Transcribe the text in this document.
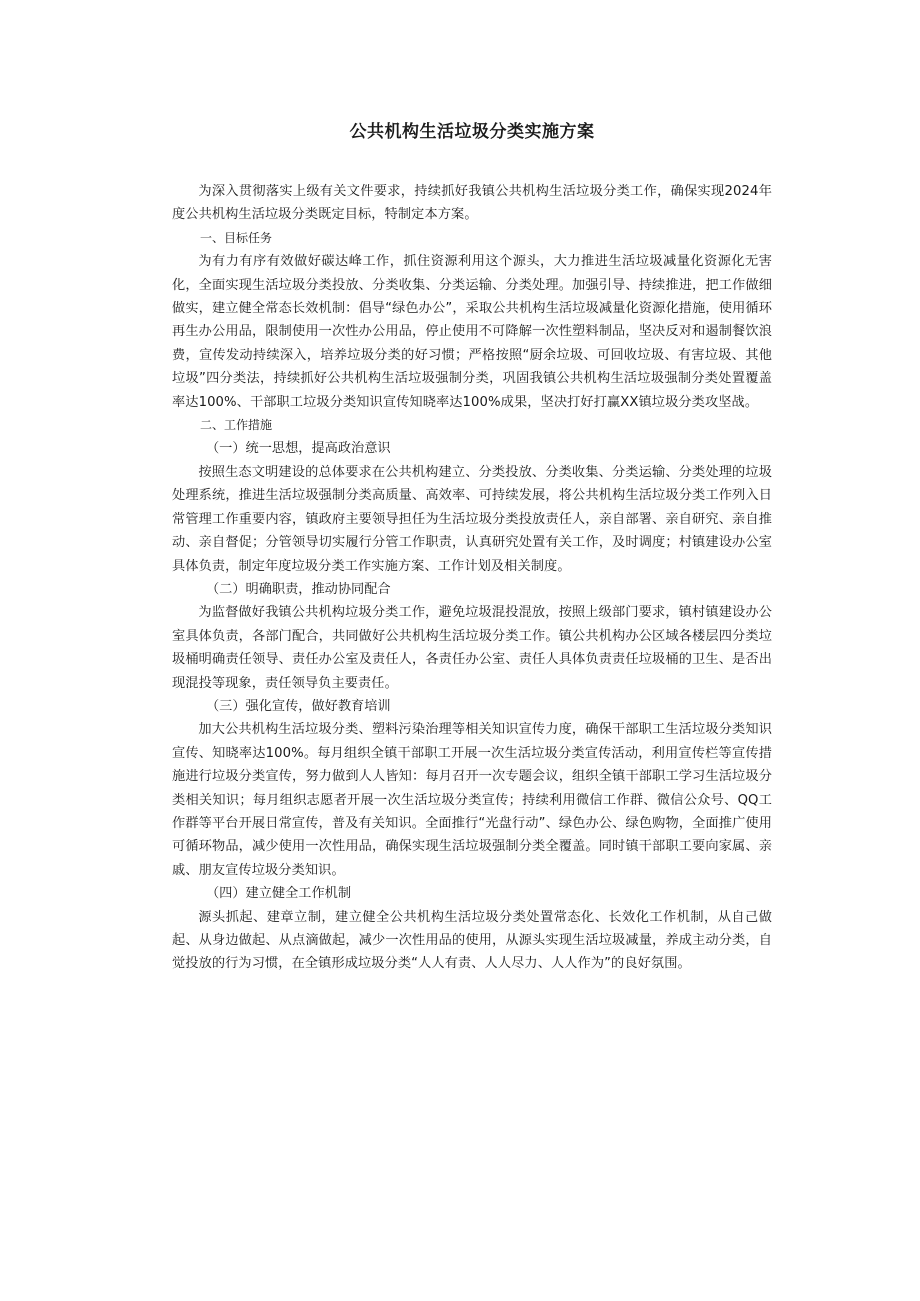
公共机构生活垃圾分类实施方案

为深入贯彻落实上级有关文件要求，持续抓好我镇公共机构生活垃圾分类工作，确保实现2024年度公共机构生活垃圾分类既定目标，特制定本方案。

一、目标任务

为有力有序有效做好碳达峰工作，抓住资源利用这个源头，大力推进生活垃圾减量化资源化无害化，全面实现生活垃圾分类投放、分类收集、分类运输、分类处理。加强引导、持续推进，把工作做细做实，建立健全常态长效机制：倡导“绿色办公”，采取公共机构生活垃圾减量化资源化措施，使用循环再生办公用品，限制使用一次性办公用品，停止使用不可降解一次性塑料制品，坚决反对和遏制餐饮浪费，宣传发动持续深入，培养垃圾分类的好习惯；严格按照“厨余垃圾、可回收垃圾、有害垃圾、其他垃圾”四分类法，持续抓好公共机构生活垃圾强制分类，巩固我镇公共机构生活垃圾强制分类处置覆盖率达100%、干部职工垃圾分类知识宣传知晓率达100%成果，坚决打好打赢XX镇垃圾分类攻坚战。

二、工作措施

（一）统一思想，提高政治意识

按照生态文明建设的总体要求在公共机构建立、分类投放、分类收集、分类运输、分类处理的垃圾处理系统，推进生活垃圾强制分类高质量、高效率、可持续发展，将公共机构生活垃圾分类工作列入日常管理工作重要内容，镇政府主要领导担任为生活垃圾分类投放责任人，亲自部署、亲自研究、亲自推动、亲自督促；分管领导切实履行分管工作职责，认真研究处置有关工作，及时调度；村镇建设办公室具体负责，制定年度垃圾分类工作实施方案、工作计划及相关制度。

（二）明确职责，推动协同配合

为监督做好我镇公共机构垃圾分类工作，避免垃圾混投混放，按照上级部门要求，镇村镇建设办公室具体负责，各部门配合，共同做好公共机构生活垃圾分类工作。镇公共机构办公区域各楼层四分类垃圾桶明确责任领导、责任办公室及责任人，各责任办公室、责任人具体负责责任垃圾桶的卫生、是否出现混投等现象，责任领导负主要责任。

（三）强化宣传，做好教育培训

加大公共机构生活垃圾分类、塑料污染治理等相关知识宣传力度，确保干部职工生活垃圾分类知识宣传、知晓率达100%。每月组织全镇干部职工开展一次生活垃圾分类宣传活动，利用宣传栏等宣传措施进行垃圾分类宣传，努力做到人人皆知：每月召开一次专题会议，组织全镇干部职工学习生活垃圾分类相关知识；每月组织志愿者开展一次生活垃圾分类宣传；持续利用微信工作群、微信公众号、QQ工作群等平台开展日常宣传，普及有关知识。全面推行“光盘行动”、绿色办公、绿色购物，全面推广使用可循环物品，减少使用一次性用品，确保实现生活垃圾强制分类全覆盖。同时镇干部职工要向家属、亲戚、朋友宣传垃圾分类知识。

（四）建立健全工作机制

源头抓起、建章立制，建立健全公共机构生活垃圾分类处置常态化、长效化工作机制，从自己做起、从身边做起、从点滴做起，减少一次性用品的使用，从源头实现生活垃圾减量，养成主动分类，自觉投放的行为习惯，在全镇形成垃圾分类“人人有责、人人尽力、人人作为”的良好氛围。
